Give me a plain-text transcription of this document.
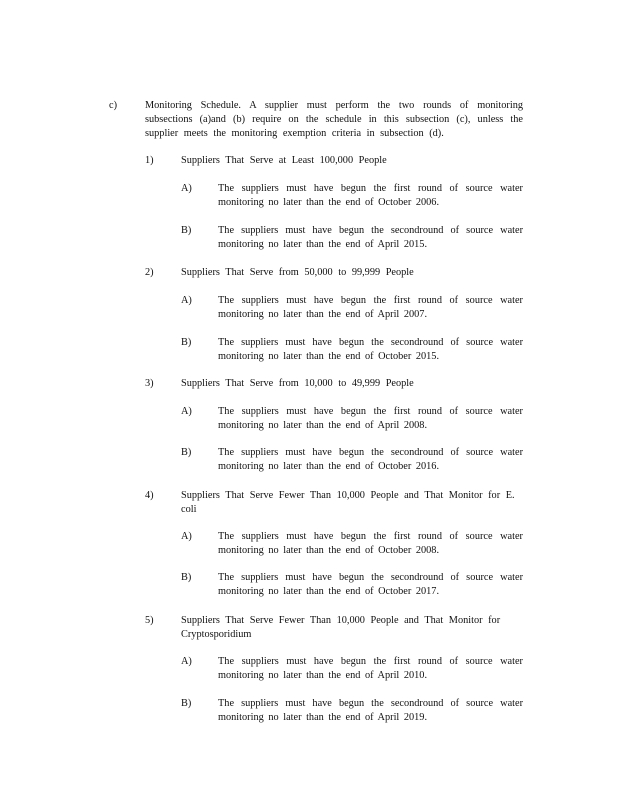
c)	Monitoring Schedule. A supplier must perform the two rounds of monitoring subsections (a)and (b) require on the schedule in this subsection (c), unless the supplier meets the monitoring exemption criteria in subsection (d).
1)	Suppliers That Serve at Least 100,000 People
A)	The suppliers must have begun the first round of source water monitoring no later than the end of October 2006.
B)	The suppliers must have begun the secondround of source water monitoring no later than the end of April 2015.
2)	Suppliers That Serve from 50,000 to 99,999 People
A)	The suppliers must have begun the first round of source water monitoring no later than the end of April 2007.
B)	The suppliers must have begun the secondround of source water monitoring no later than the end of October 2015.
3)	Suppliers That Serve from 10,000 to 49,999 People
A)	The suppliers must have begun the first round of source water monitoring no later than the end of April 2008.
B)	The suppliers must have begun the secondround of source water monitoring no later than the end of October 2016.
4)	Suppliers That Serve Fewer Than 10,000 People and That Monitor for E. coli
A)	The suppliers must have begun the first round of source water monitoring no later than the end of October 2008.
B)	The suppliers must have begun the secondround of source water monitoring no later than the end of October 2017.
5)	Suppliers That Serve Fewer Than 10,000 People and That Monitor for Cryptosporidium
A)	The suppliers must have begun the first round of source water monitoring no later than the end of April 2010.
B)	The suppliers must have begun the secondround of source water monitoring no later than the end of April 2019.
